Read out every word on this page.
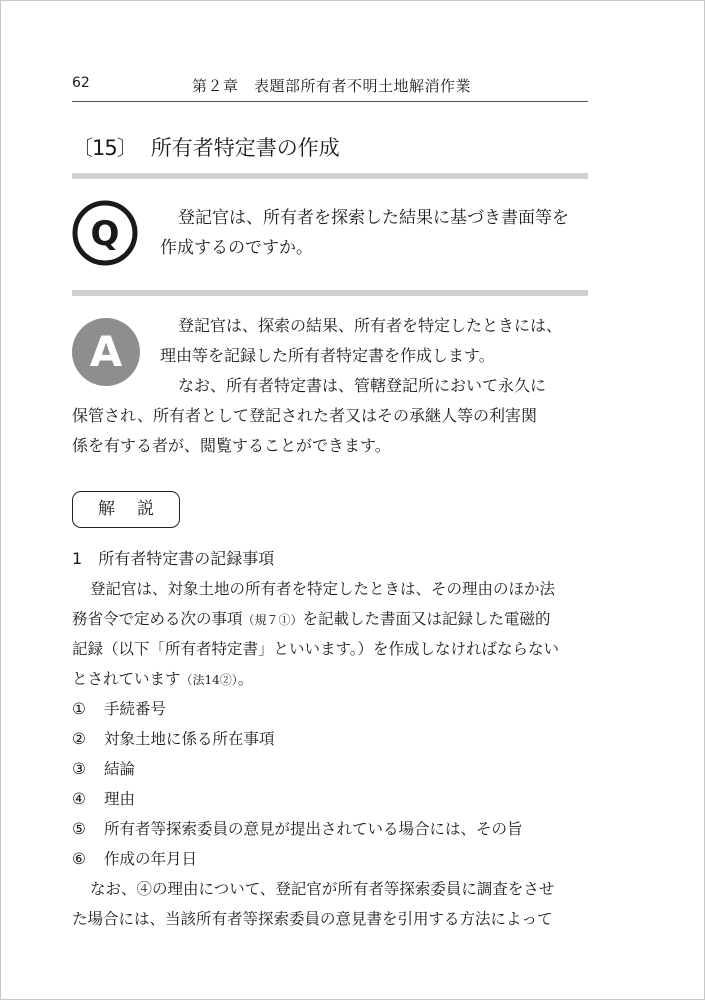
62	第２章　表題部所有者不明土地解消作業
〔15〕 所有者特定書の作成
Q	登記官は、所有者を探索した結果に基づき書面等を
作成するのですか。
A
登記官は、探索の結果、所有者を特定したときには、
理由等を記録した所有者特定書を作成します。
なお、所有者特定書は、管轄登記所において永久に
保管され、所有者として登記された者又はその承継人等の利害関
係を有する者が、閲覧することができます。
解説
1 所有者特定書の記録事項
登記官は、対象土地の所有者を特定したときは、その理由のほか法
務省令で定める次の事項（規７①）を記載した書面又は記録した電磁的
記録（以下「所有者特定書」といいます。）を作成しなければならない
とされています（法14②）。
① 手続番号
② 対象土地に係る所在事項
③ 結論
④ 理由
⑤ 所有者等探索委員の意見が提出されている場合には、その旨
⑥ 作成の年月日
なお、④の理由について、登記官が所有者等探索委員に調査をさせ
た場合には、当該所有者等探索委員の意見書を引用する方法によって
